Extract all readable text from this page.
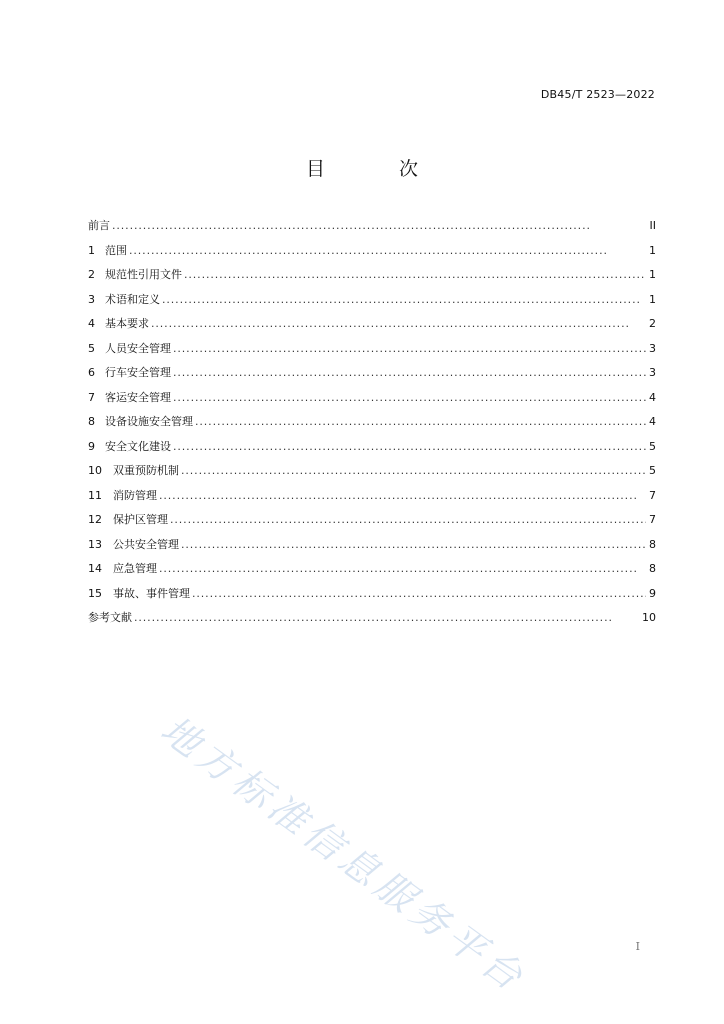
DB45/T 2523—2022
目 次
前言 . . .	II
1 范围 . . .	1
2 规范性引用文件 . . .	1
3 术语和定义 . . .	1
4 基本要求 . . .	2
5 人员安全管理 . . .	3
6 行车安全管理 . . .	3
7 客运安全管理 . . .	4
8 设备设施安全管理 . . .	4
9 安全文化建设 . . .	5
10	双重预防机制 . . .	5
11	消防管理 . . .	7
12	保护区管理 . . .	7
13	公共安全管理 . . .	8
14	应急管理 . . .	8
15	事故、事件管理 . . .	9
参考文献 . . .	10
地方标准信息服务平台	I
